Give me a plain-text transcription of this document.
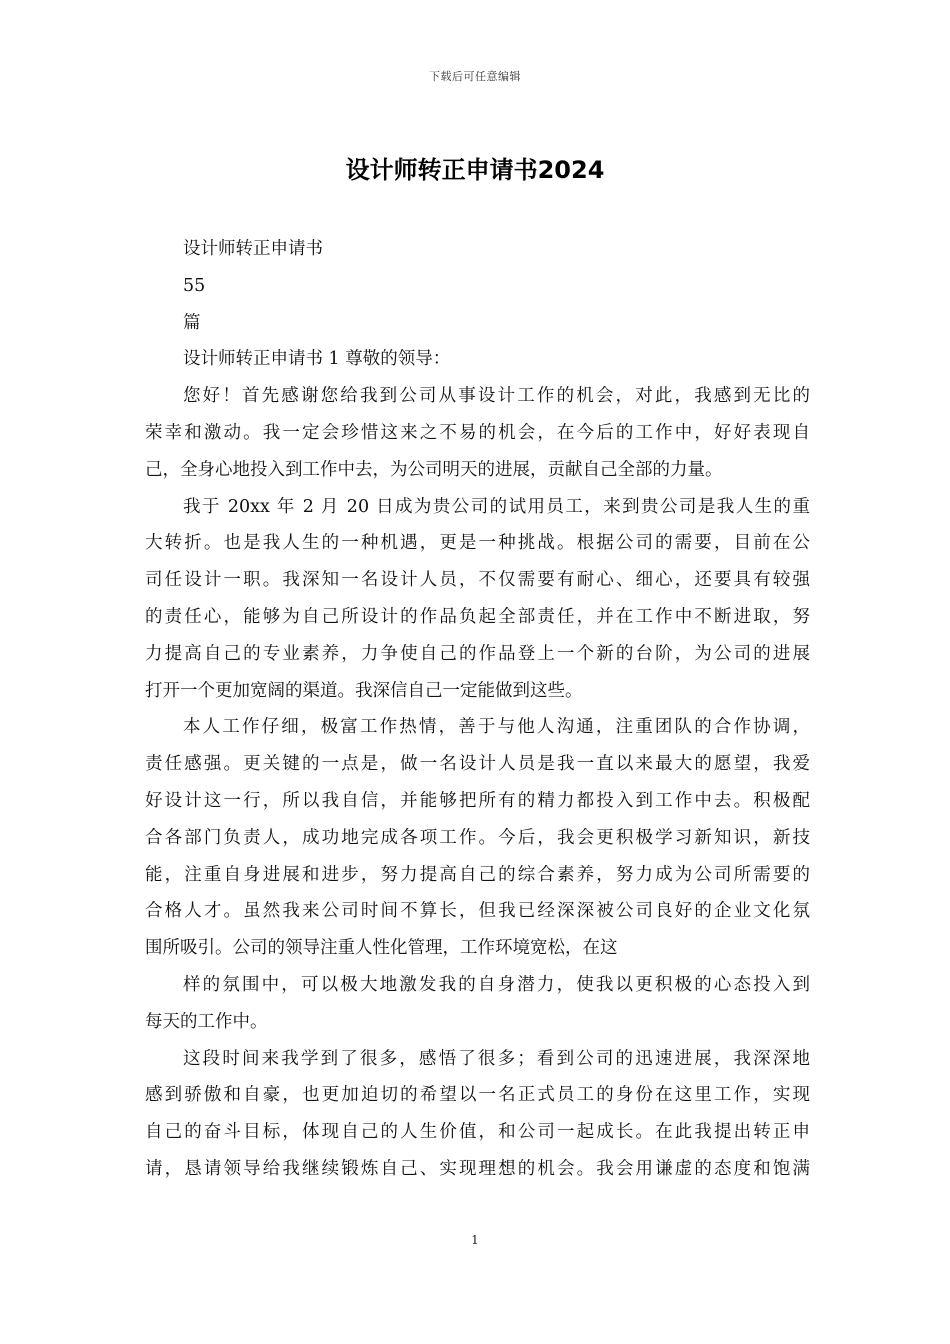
下载后可任意编辑
设计师转正申请书2024
设计师转正申请书
55
篇
设计师转正申请书 1 尊敬的领导：
您好！首先感谢您给我到公司从事设计工作的机会，对此，我感到无比的
荣幸和激动。我一定会珍惜这来之不易的机会，在今后的工作中，好好表现自
己，全身心地投入到工作中去，为公司明天的进展，贡献自己全部的力量。
我于 20xx 年 2 月 20 日成为贵公司的试用员工，来到贵公司是我人生的重
大转折。也是我人生的一种机遇，更是一种挑战。根据公司的需要，目前在公
司任设计一职。我深知一名设计人员，不仅需要有耐心、细心，还要具有较强
的责任心，能够为自己所设计的作品负起全部责任，并在工作中不断进取，努
力提高自己的专业素养，力争使自己的作品登上一个新的台阶，为公司的进展
打开一个更加宽阔的渠道。我深信自己一定能做到这些。
本人工作仔细，极富工作热情，善于与他人沟通，注重团队的合作协调，
责任感强。更关键的一点是，做一名设计人员是我一直以来最大的愿望，我爱
好设计这一行，所以我自信，并能够把所有的精力都投入到工作中去。积极配
合各部门负责人，成功地完成各项工作。今后，我会更积极学习新知识，新技
能，注重自身进展和进步，努力提高自己的综合素养，努力成为公司所需要的
合格人才。虽然我来公司时间不算长，但我已经深深被公司良好的企业文化氛
围所吸引。公司的领导注重人性化管理，工作环境宽松，在这
样的氛围中，可以极大地激发我的自身潜力，使我以更积极的心态投入到
每天的工作中。
这段时间来我学到了很多，感悟了很多；看到公司的迅速进展，我深深地
感到骄傲和自豪，也更加迫切的希望以一名正式员工的身份在这里工作，实现
自己的奋斗目标，体现自己的人生价值，和公司一起成长。在此我提出转正申
请，恳请领导给我继续锻炼自己、实现理想的机会。我会用谦虚的态度和饱满
1
